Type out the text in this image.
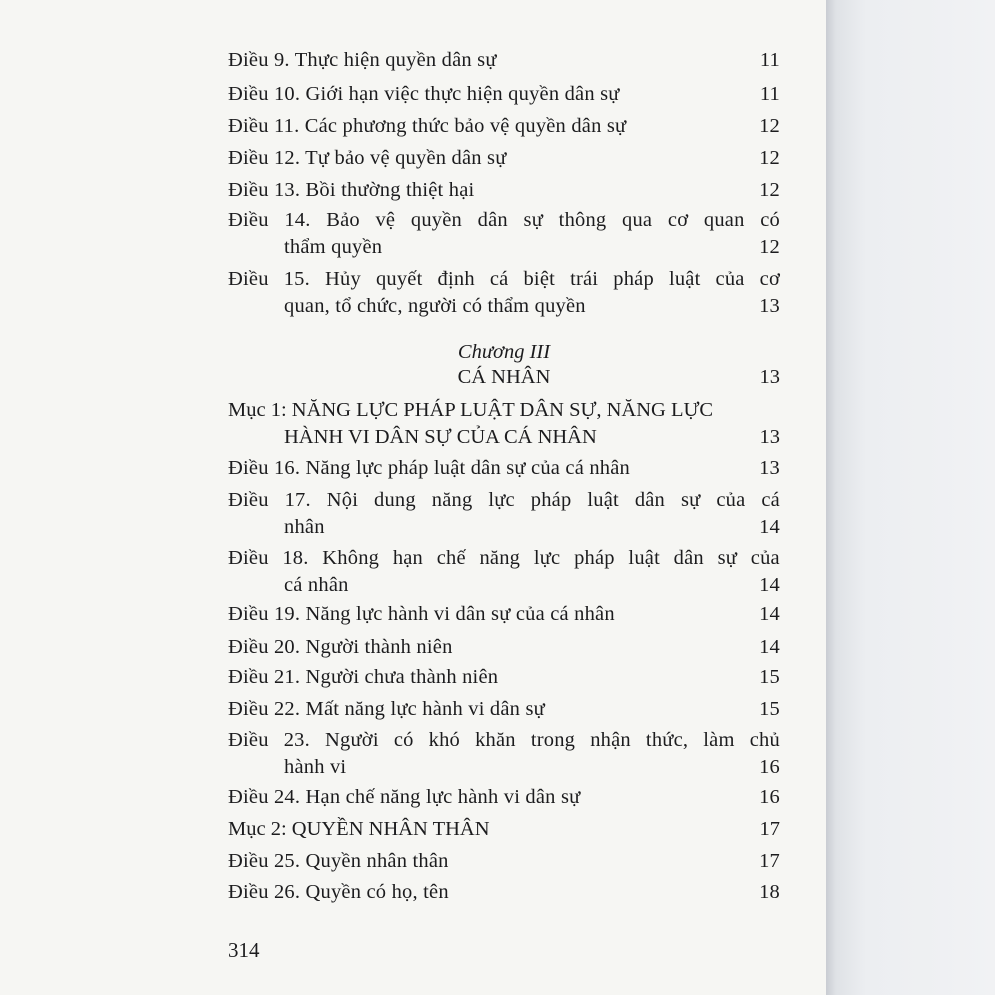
Điều 9. Thực hiện quyền dân sự	11
Điều 10. Giới hạn việc thực hiện quyền dân sự	11
Điều 11. Các phương thức bảo vệ quyền dân sự	12
Điều 12. Tự bảo vệ quyền dân sự	12
Điều 13. Bồi thường thiệt hại	12
Điều 14. Bảo vệ quyền dân sự thông qua cơ quan có
thẩm quyền	12
Điều 15. Hủy quyết định cá biệt trái pháp luật của cơ
quan, tổ chức, người có thẩm quyền	13
Chương III
CÁ NHÂN	13
Mục 1: NĂNG LỰC PHÁP LUẬT DÂN SỰ, NĂNG LỰC
HÀNH VI DÂN SỰ CỦA CÁ NHÂN	13
Điều 16. Năng lực pháp luật dân sự của cá nhân	13
Điều 17. Nội dung năng lực pháp luật dân sự của cá
nhân	14
Điều 18. Không hạn chế năng lực pháp luật dân sự của
cá nhân	14
Điều 19. Năng lực hành vi dân sự của cá nhân	14
Điều 20. Người thành niên	14
Điều 21. Người chưa thành niên	15
Điều 22. Mất năng lực hành vi dân sự	15
Điều 23. Người có khó khăn trong nhận thức, làm chủ
hành vi	16
Điều 24. Hạn chế năng lực hành vi dân sự	16
Mục 2: QUYỀN NHÂN THÂN	17
Điều 25. Quyền nhân thân	17
Điều 26. Quyền có họ, tên	18
314
